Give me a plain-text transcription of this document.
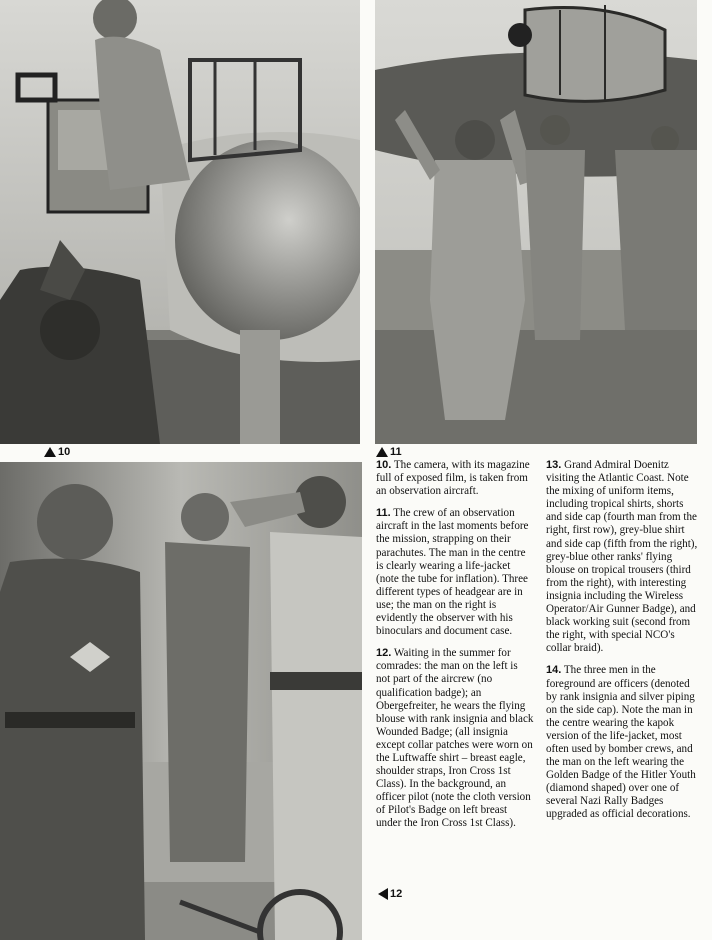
10	11
12

10. The camera, with its magazine full of exposed film, is taken from an observation aircraft.

11. The crew of an observation aircraft in the last moments before the mission, strapping on their parachutes. The man in the centre is clearly wearing a life-jacket (note the tube for inflation). Three different types of headgear are in use; the man on the right is evidently the observer with his binoculars and document case.

12. Waiting in the summer for comrades: the man on the left is not part of the aircrew (no qualification badge); an Obergefreiter, he wears the flying blouse with rank insignia and black Wounded Badge; (all insignia except collar patches were worn on the Luftwaffe shirt – breast eagle, shoulder straps, Iron Cross 1st Class). In the background, an officer pilot (note the cloth version of Pilot's Badge on left breast under the Iron Cross 1st Class).

13. Grand Admiral Doenitz visiting the Atlantic Coast. Note the mixing of uniform items, including tropical shirts, shorts and side cap (fourth man from the right, first row), grey-blue shirt and side cap (fifth from the right), grey-blue other ranks' flying blouse on tropical trousers (third from the right), with interesting insignia including the Wireless Operator/Air Gunner Badge), and black working suit (second from the right, with special NCO's collar braid).

14. The three men in the foreground are officers (denoted by rank insignia and silver piping on the side cap). Note the man in the centre wearing the kapok version of the life-jacket, most often used by bomber crews, and the man on the left wearing the Golden Badge of the Hitler Youth (diamond shaped) over one of several Nazi Rally Badges upgraded as official decorations.
